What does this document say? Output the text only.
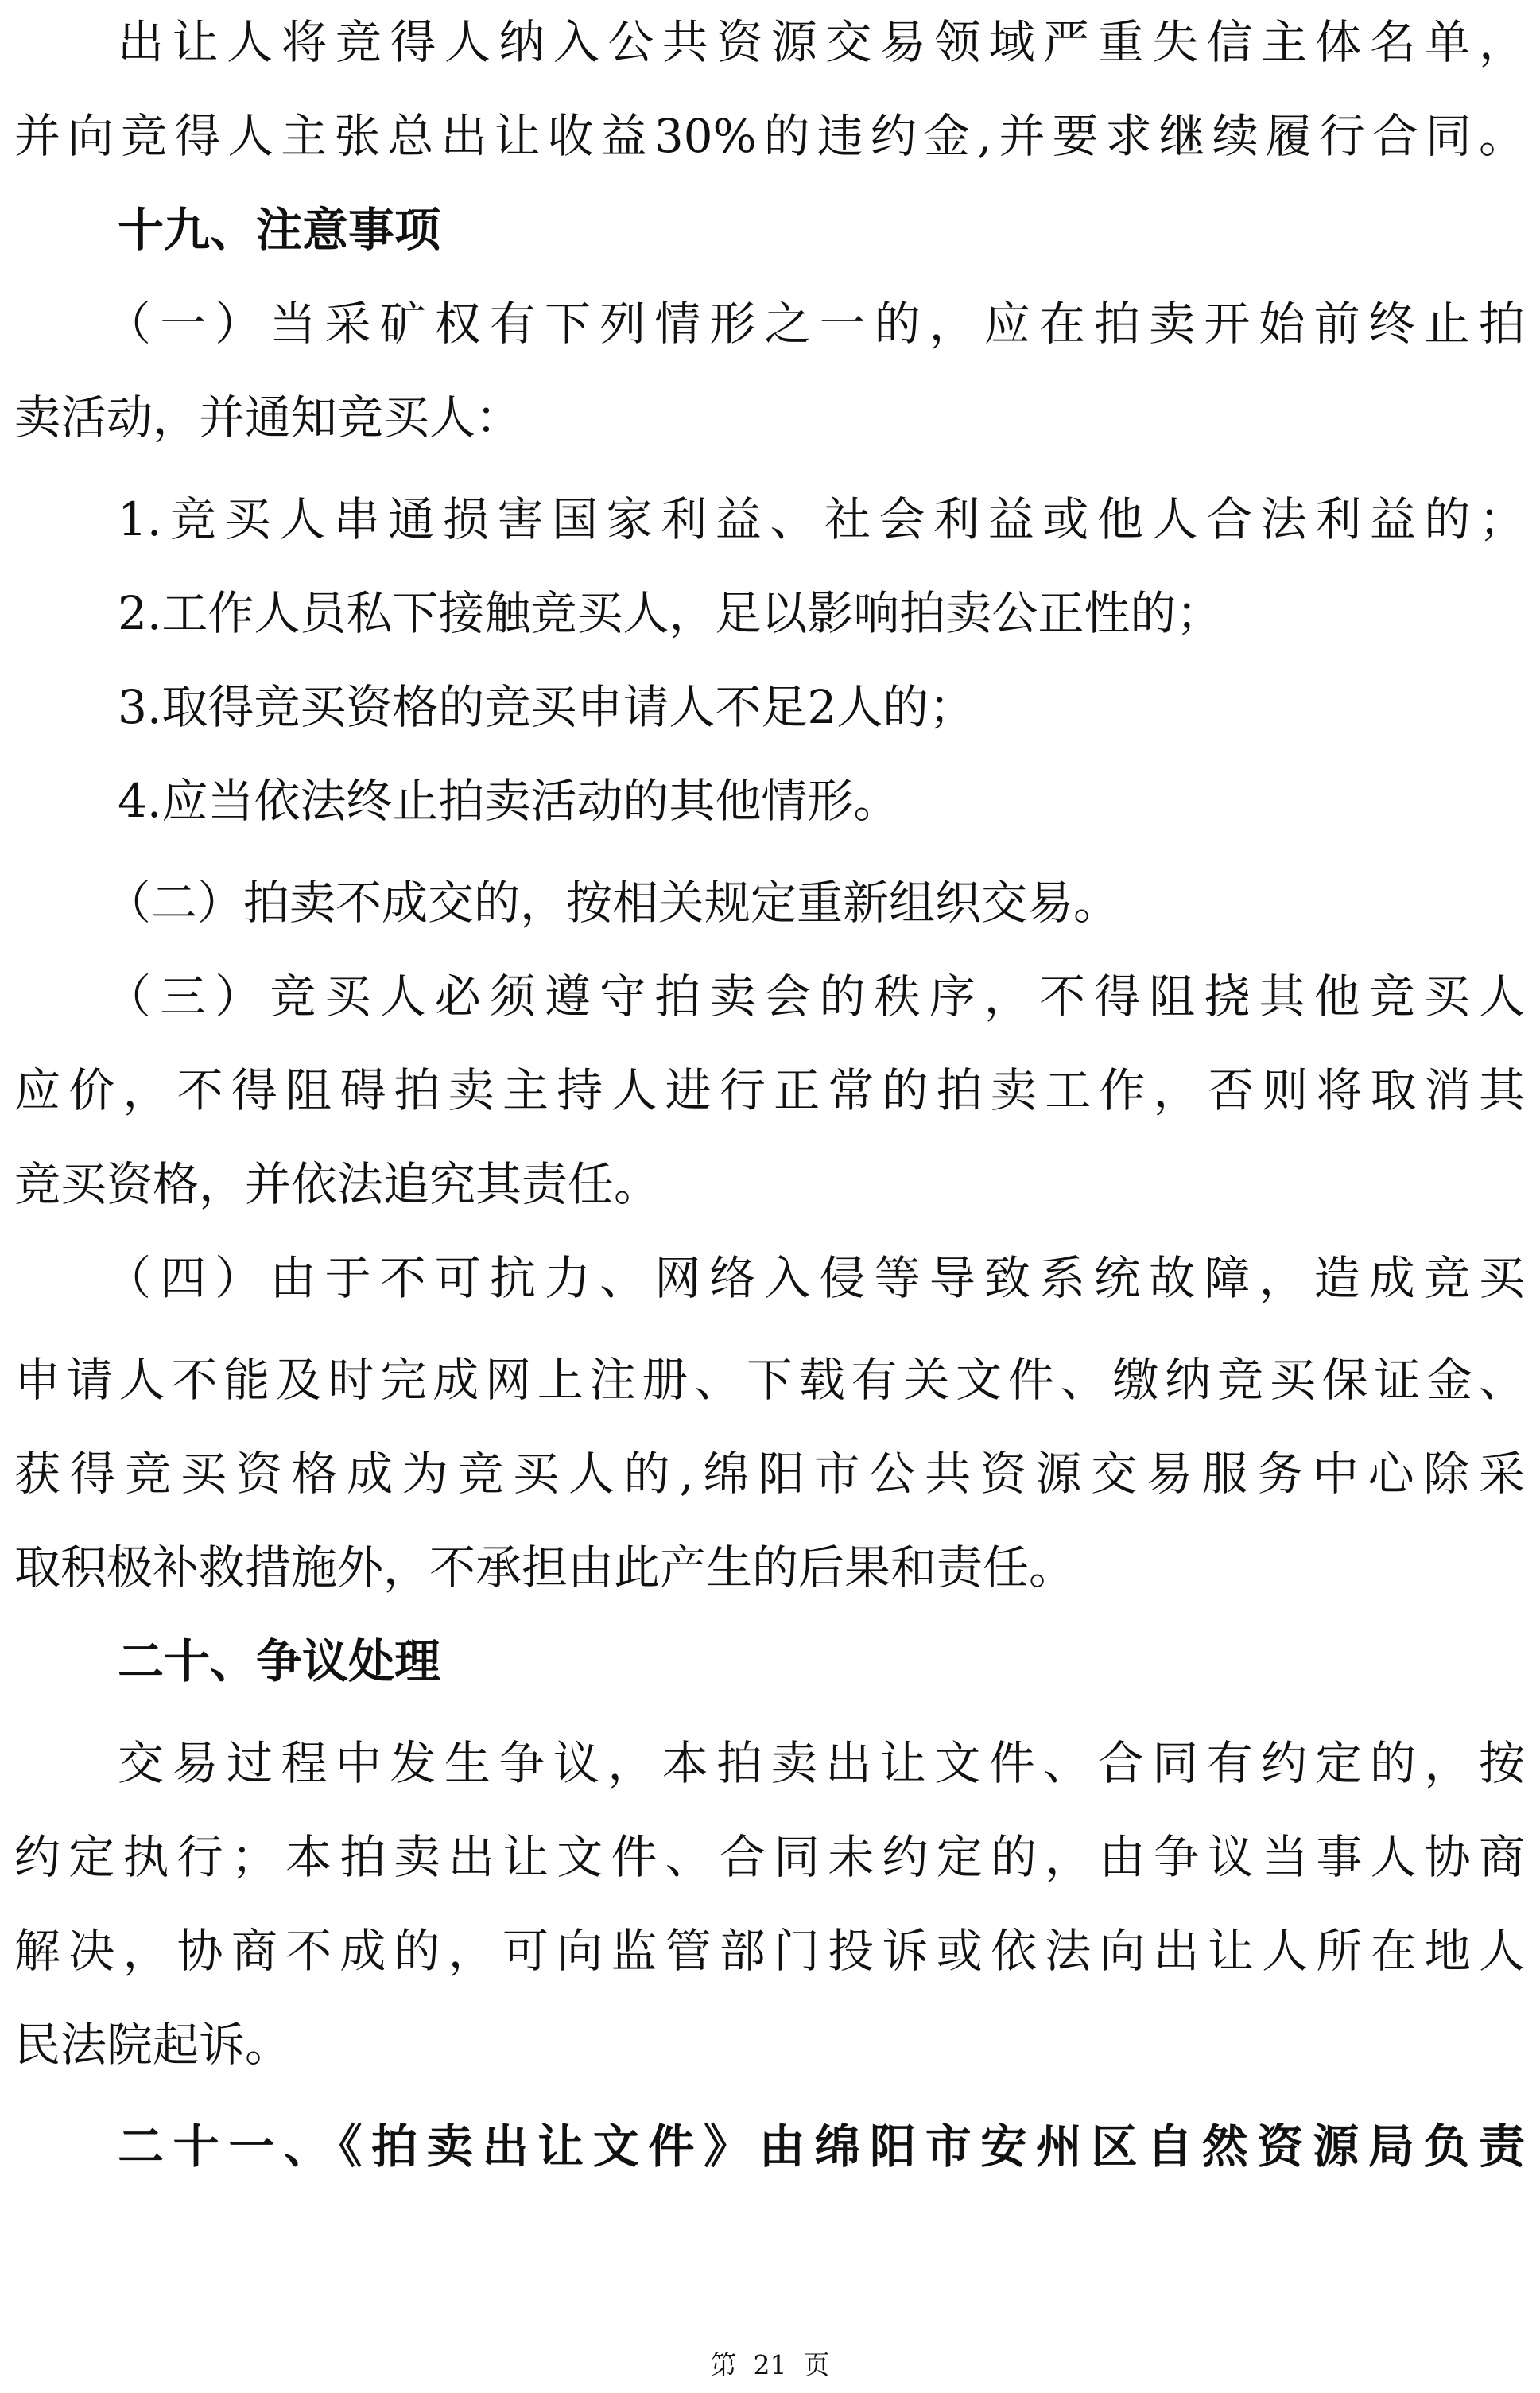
出让人将竞得人纳入公共资源交易领域严重失信主体名单，
并向竞得人主张总出让收益30%的违约金,并要求继续履行合同。
十九、注意事项
（一）当采矿权有下列情形之一的，应在拍卖开始前终止拍
卖活动，并通知竞买人：
1.竞买人串通损害国家利益、社会利益或他人合法利益的；
2.工作人员私下接触竞买人，足以影响拍卖公正性的；
3.取得竞买资格的竞买申请人不足2人的；
4.应当依法终止拍卖活动的其他情形。
（二）拍卖不成交的，按相关规定重新组织交易。
（三）竞买人必须遵守拍卖会的秩序，不得阻挠其他竞买人
应价，不得阻碍拍卖主持人进行正常的拍卖工作，否则将取消其
竞买资格，并依法追究其责任。
（四）由于不可抗力、网络入侵等导致系统故障，造成竞买
申请人不能及时完成网上注册、下载有关文件、缴纳竞买保证金、
获得竞买资格成为竞买人的,绵阳市公共资源交易服务中心除采
取积极补救措施外，不承担由此产生的后果和责任。
二十、争议处理
交易过程中发生争议，本拍卖出让文件、合同有约定的，按
约定执行；本拍卖出让文件、合同未约定的，由争议当事人协商
解决，协商不成的，可向监管部门投诉或依法向出让人所在地人
民法院起诉。
二十一、《拍卖出让文件》由绵阳市安州区自然资源局负责
第  21  页
